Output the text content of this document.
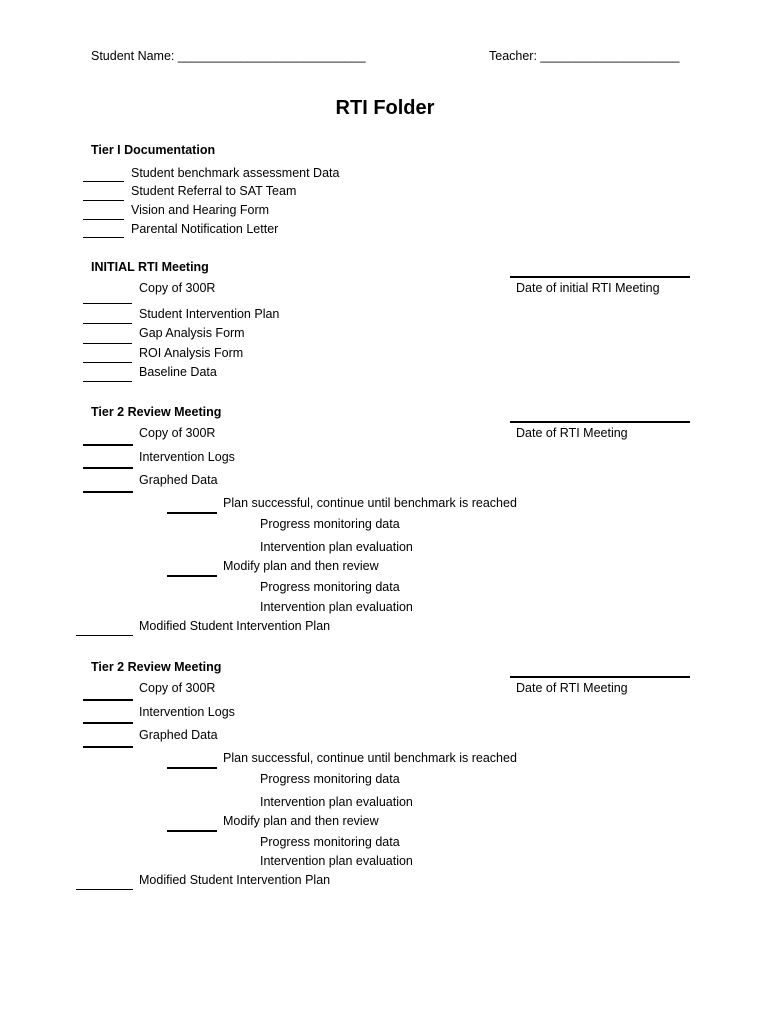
Student Name: ___________________________	Teacher: ____________________
RTI Folder
Tier I Documentation
Student benchmark assessment Data
Student Referral to SAT Team
Vision and Hearing Form
Parental Notification Letter
INITIAL RTI Meeting
Copy of 300R	Date of initial RTI Meeting
Student Intervention Plan
Gap Analysis Form
ROI Analysis Form
Baseline Data
Tier 2 Review Meeting
Copy of 300R	Date of RTI Meeting
Intervention Logs
Graphed Data
Plan successful, continue until benchmark is reached
Progress monitoring data
Intervention plan evaluation
Modify plan and then review
Progress monitoring data
Intervention plan evaluation
Modified Student Intervention Plan
Tier 2 Review Meeting
Copy of 300R	Date of RTI Meeting
Intervention Logs
Graphed Data
Plan successful, continue until benchmark is reached
Progress monitoring data
Intervention plan evaluation
Modify plan and then review
Progress monitoring data
Intervention plan evaluation
Modified Student Intervention Plan
